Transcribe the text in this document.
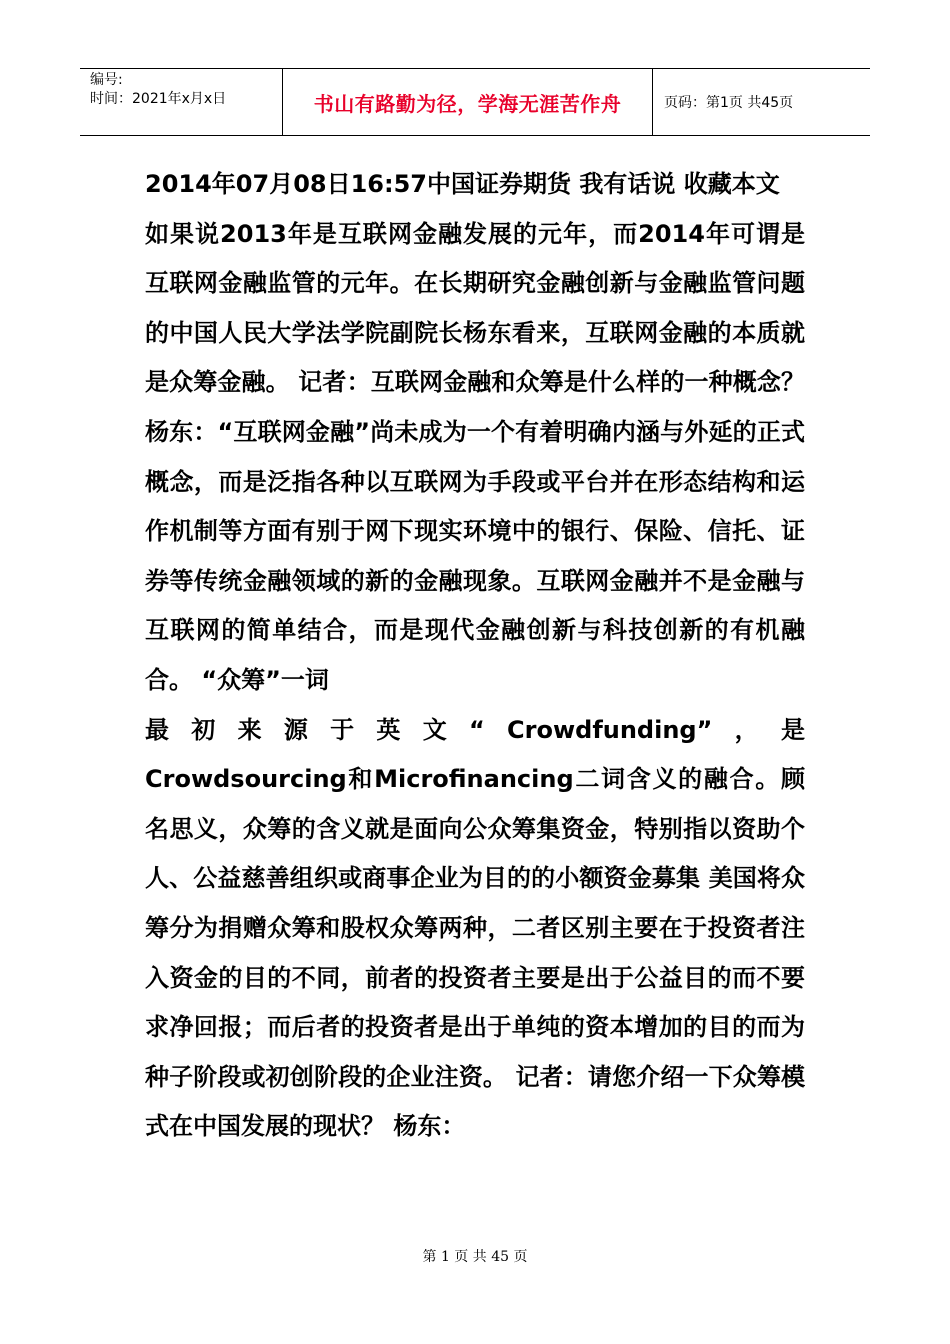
编号:
时间：2021年x月x日	书山有路勤为径，学海无涯苦作舟	页码：第1页 共45页

2014年07月08日16:57中国证券期货 我有话说 收藏本文

如果说2013年是互联网金融发展的元年，而2014年可谓是互联网金融监管的元年。在长期研究金融创新与金融监管问题的中国人民大学法学院副院长杨东看来，互联网金融的本质就是众筹金融。 记者：互联网金融和众筹是什么样的一种概念？ 杨东：“互联网金融”尚未成为一个有着明确内涵与外延的正式概念，而是泛指各种以互联网为手段或平台并在形态结构和运作机制等方面有别于网下现实环境中的银行、保险、信托、证券等传统金融领域的新的金融现象。互联网金融并不是金融与互联网的简单结合，而是现代金融创新与科技创新的有机融合。 “众筹”一词

最 初 来 源 于 英 文 “ Crowdfunding” ， 是

Crowdsourcing和Microfinancing二词含义的融合。顾名思义，众筹的含义就是面向公众筹集资金，特别指以资助个人、公益慈善组织或商事企业为目的的小额资金募集 美国将众筹分为捐赠众筹和股权众筹两种，二者区别主要在于投资者注入资金的目的不同，前者的投资者主要是出于公益目的而不要求净回报；而后者的投资者是出于单纯的资本增加的目的而为种子阶段或初创阶段的企业注资。 记者：请您介绍一下众筹模式在中国发展的现状？ 杨东：

第 1 页 共 45 页
